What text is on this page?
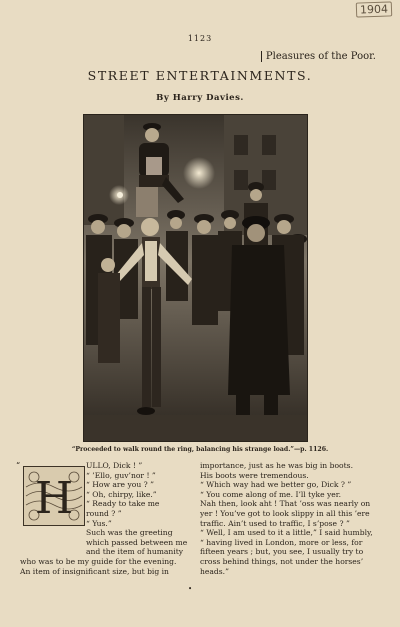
1904
1123
Pleasures of the Poor.
STREET ENTERTAINMENTS.
By Harry Davies.
“Proceeded to walk round the ring, balancing his strange load.”—p. 1126.
“
H

ULLO, Dick ! ”

“ ’Ello, guv’nor ! ”

“ How are you ? ”

“ Oh, chirpy, like.”

“ Ready to take me

round ? ”

“ Yus.”

Such was the greeting

which passed between me

and the item of humanity

who was to be my guide for the evening.

An item of insignificant size, but big in

importance, just as he was big in boots.

His boots were tremendous.

“ Which way had we better go, Dick ? ”

“ You come along of me. I’ll tyke yer.

Nah then, look aht ! That ’oss was nearly on

yer ! You’ve got to look slippy in all this ’ere

traffic. Ain’t used to traffic, I s’pose ? ”

“ Well, I am used to it a little,” I said humbly,

“ having lived in London, more or less, for

fifteen years ; but, you see, I usually try to

cross behind things, not under the horses’

heads.”

•
